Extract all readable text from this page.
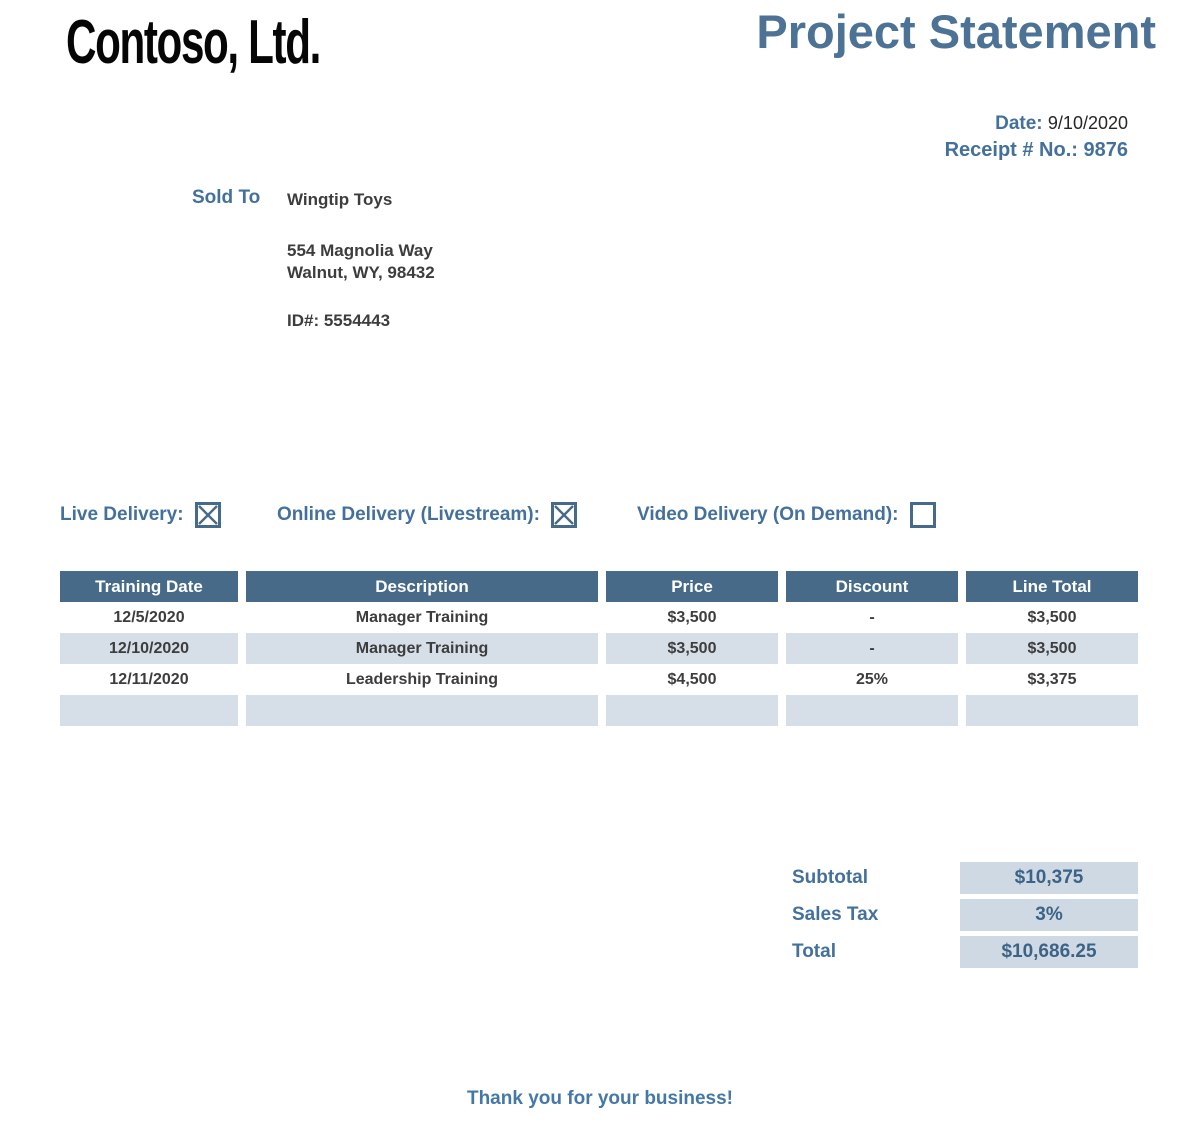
Contoso, Ltd.	Project Statement
Date: 9/10/2020
Receipt # No.: 9876
Sold To Wingtip Toys
554 Magnolia Way
Walnut, WY, 98432
ID#: 5554443
Live Delivery:	Online Delivery (Livestream):	Video Delivery (On Demand):
Training Date	Description	Price	Discount	Line Total
12/5/2020	Manager Training	$3,500	-	$3,500
12/10/2020	Manager Training	$3,500	-	$3,500
12/11/2020	Leadership Training	$4,500	25%	$3,375
Subtotal	$10,375
Sales Tax	3%
Total	$10,686.25
Thank you for your business!
